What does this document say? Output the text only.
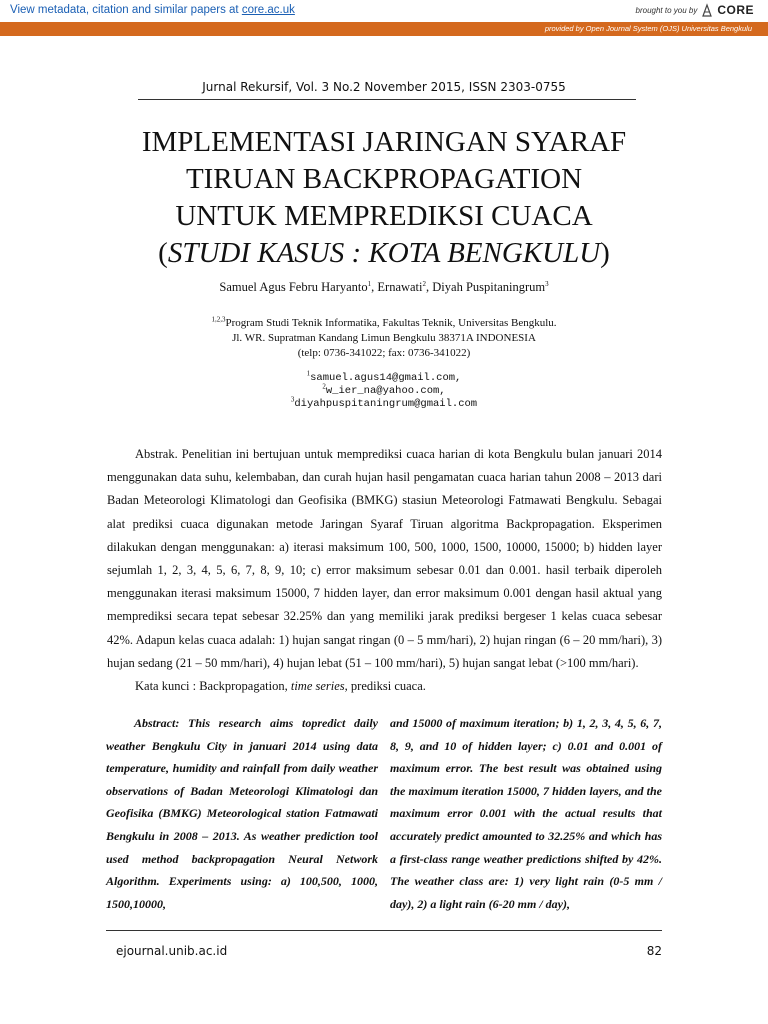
View metadata, citation and similar papers at core.ac.uk	brought to you by CORE
provided by Open Journal System (OJS) Universitas Bengkulu
Jurnal Rekursif, Vol. 3 No.2 November 2015, ISSN 2303-0755
IMPLEMENTASI JARINGAN SYARAF
TIRUAN BACKPROPAGATION
UNTUK MEMPREDIKSI CUACA
(STUDI KASUS : KOTA BENGKULU)
Samuel Agus Febru Haryanto$^1$, Ernawati$^2$, Diyah Puspitaningrum$^3$
$^{1,2,3}$Program Studi Teknik Informatika, Fakultas Teknik, Universitas Bengkulu.
Jl. WR. Supratman Kandang Limun Bengkulu 38371A INDONESIA
(telp: 0736-341022; fax: 0736-341022)
$^1$samuel.agus14@gmail.com,
$^2$w_ier_na@yahoo.com,
$^3$diyahpuspitaningrum@gmail.com

Abstrak. Penelitian ini bertujuan untuk memprediksi cuaca harian di kota Bengkulu bulan januari 2014 menggunakan data suhu, kelembaban, dan curah hujan hasil pengamatan cuaca harian tahun 2008 – 2013 dari Badan Meteorologi Klimatologi dan Geofisika (BMKG) stasiun Meteorologi Fatmawati Bengkulu. Sebagai alat prediksi cuaca digunakan metode Jaringan Syaraf Tiruan algoritma Backpropagation. Eksperimen dilakukan dengan menggunakan: a) iterasi maksimum 100, 500, 1000, 1500, 10000, 15000; b) hidden layer sejumlah 1, 2, 3, 4, 5, 6, 7, 8, 9, 10; c) error maksimum sebesar 0.01 dan 0.001. hasil terbaik diperoleh menggunakan iterasi maksimum 15000, 7 hidden layer, dan error maksimum 0.001 dengan hasil aktual yang memprediksi secara tepat sebesar 32.25% dan yang memiliki jarak prediksi bergeser 1 kelas cuaca sebesar 42%. Adapun kelas cuaca adalah: 1) hujan sangat ringan (0 – 5 mm/hari), 2) hujan ringan (6 – 20 mm/hari), 3) hujan sedang (21 – 50 mm/hari), 4) hujan lebat (51 – 100 mm/hari), 5) hujan sangat lebat (>100 mm/hari).

Kata kunci : Backpropagation, time series, prediksi cuaca.

Abstract: This research aims topredict daily weather Bengkulu City in januari 2014 using data temperature, humidity and rainfall from daily weather observations of Badan Meteorologi Klimatologi dan Geofisika (BMKG) Meteorological station Fatmawati Bengkulu in 2008 – 2013. As weather prediction tool used method backpropagation Neural Network Algorithm. Experiments using: a) 100,500, 1000, 1500,10000,

and 15000 of maximum iteration; b) 1, 2, 3, 4, 5, 6, 7, 8, 9, and 10 of hidden layer; c) 0.01 and 0.001 of maximum error. The best result was obtained using the maximum iteration 15000, 7 hidden layers, and the maximum error 0.001 with the actual results that accurately predict amounted to 32.25% and which has a first-class range weather predictions shifted by 42%. The weather class are: 1) very light rain (0-5 mm / day), 2) a light rain (6-20 mm / day),

ejournal.unib.ac.id	82
